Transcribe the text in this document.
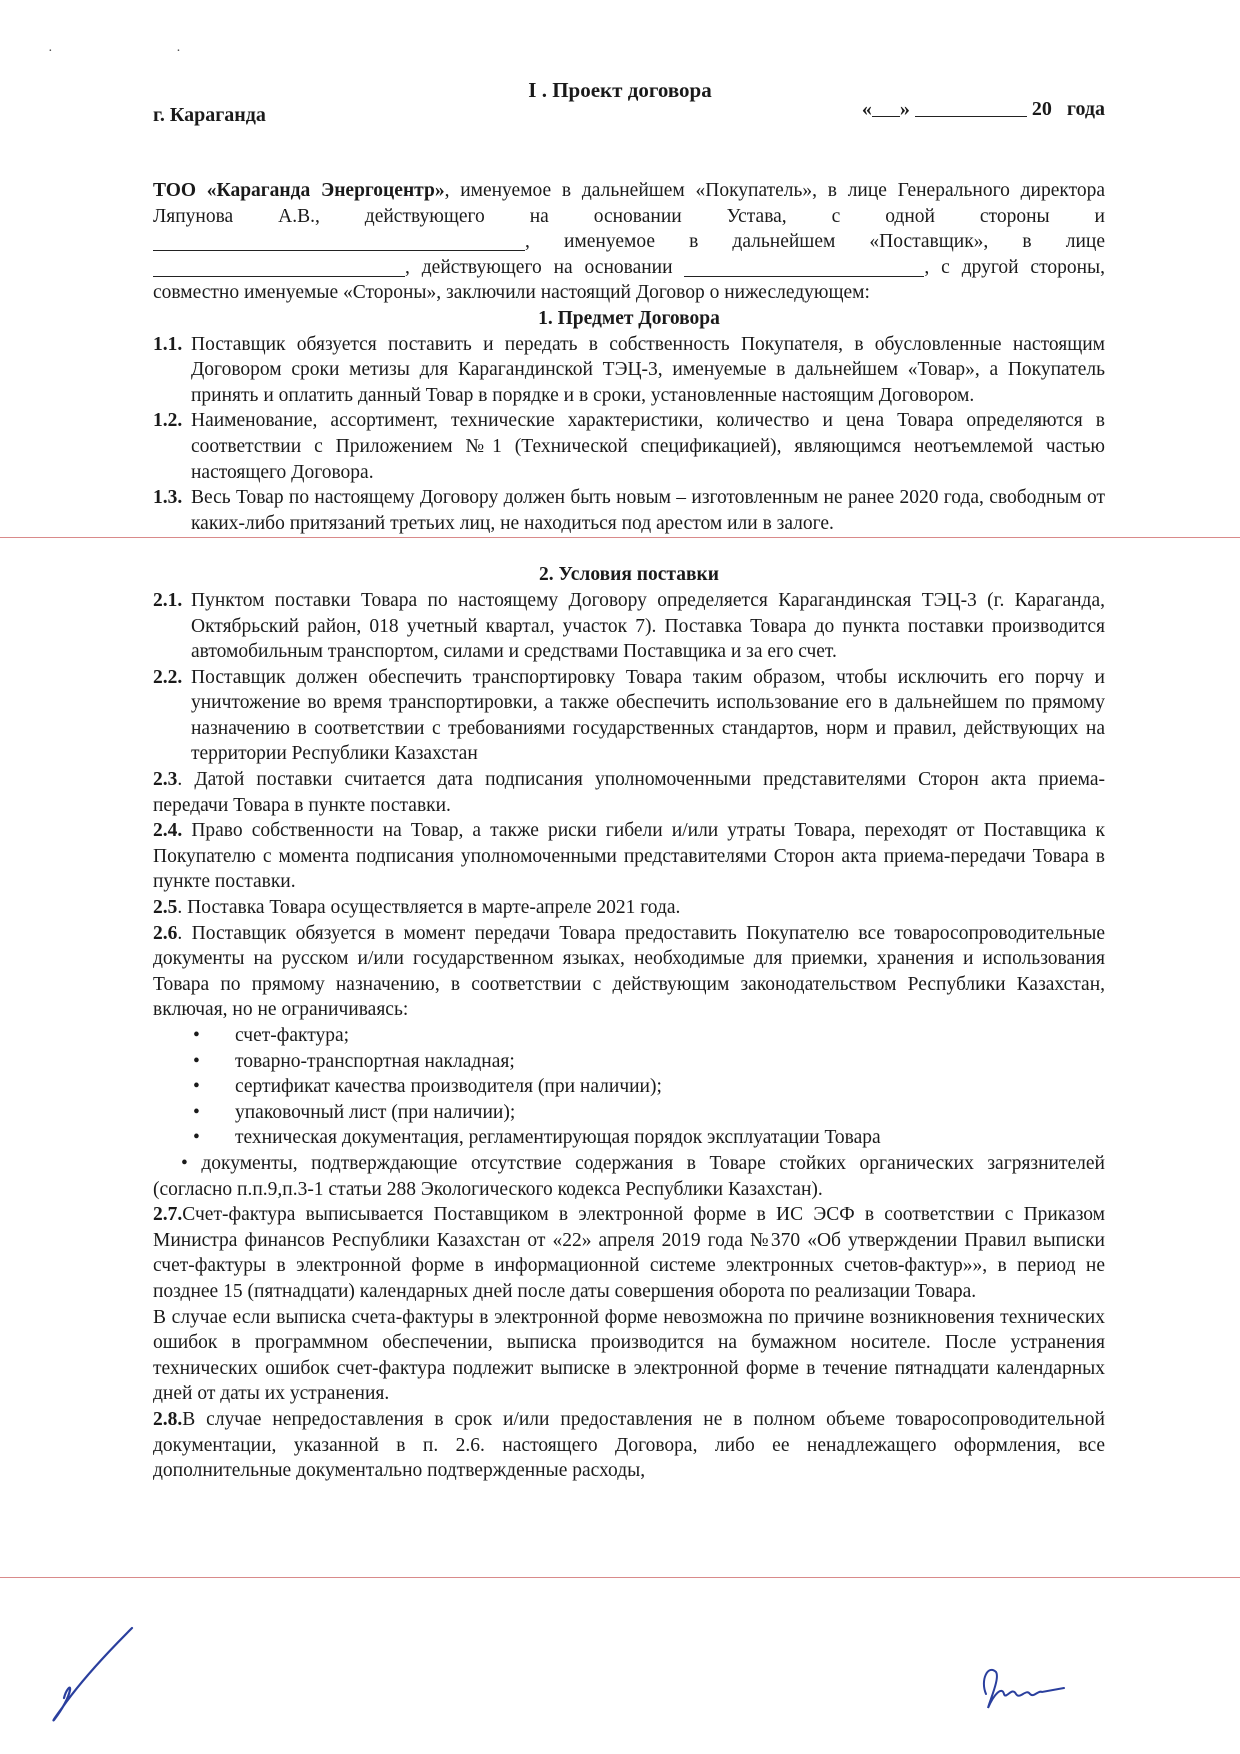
· ·
I . Проект договора
г. Караганда	« »	20   года

ТОО «Караганда Энергоцентр», именуемое в дальнейшем «Покупатель», в лице Генерального директора Ляпунова А.В., действующего на основании Устава, с одной стороны и , именуемое в дальнейшем «Поставщик», в лице , действующего на основании	, с другой стороны, совместно именуемые «Стороны», заключили настоящий Договор о нижеследующем:

1. Предмет Договора

1.1. Поставщик обязуется поставить и передать в собственность Покупателя, в обусловленные настоящим Договором сроки метизы для Карагандинской ТЭЦ-3, именуемые в дальнейшем «Товар», а Покупатель принять и оплатить данный Товар в порядке и в сроки, установленные настоящим Договором.
1.2. Наименование, ассортимент, технические характеристики, количество и цена Товара определяются в соответствии с Приложением №1 (Технической спецификацией), являющимся неотъемлемой частью настоящего Договора.
1.3. Весь Товар по настоящему Договору должен быть новым – изготовленным не ранее 2020 года, свободным от каких-либо притязаний третьих лиц, не находиться под арестом или в залоге.

2. Условия поставки

2.1. Пунктом поставки Товара по настоящему Договору определяется Карагандинская ТЭЦ-3 (г. Караганда, Октябрьский район, 018 учетный квартал, участок 7). Поставка Товара до пункта поставки производится автомобильным транспортом, силами и средствами Поставщика и за его счет.
2.2. Поставщик должен обеспечить транспортировку Товара таким образом, чтобы исключить его порчу и уничтожение во время транспортировки, а также обеспечить использование его в дальнейшем по прямому назначению в соответствии с требованиями государственных стандартов, норм и правил, действующих на территории Республики Казахстан

2.3. Датой поставки считается дата подписания уполномоченными представителями Сторон акта приема-передачи Товара в пункте поставки.

2.4. Право собственности на Товар, а также риски гибели и/или утраты Товара, переходят от Поставщика к Покупателю с момента подписания уполномоченными представителями Сторон акта приема-передачи Товара в пункте поставки.

2.5. Поставка Товара осуществляется в марте-апреле 2021 года.

2.6. Поставщик обязуется в момент передачи Товара предоставить Покупателю все товаросопроводительные документы на русском и/или государственном языках, необходимые для приемки, хранения и использования Товара по прямому назначению, в соответствии с действующим законодательством Республики Казахстан, включая, но не ограничиваясь:

•	счет-фактура;
•	товарно-транспортная накладная;
•	сертификат качества производителя (при наличии);
•	упаковочный лист (при наличии);
•	техническая документация, регламентирующая порядок эксплуатации Товара

• документы, подтверждающие отсутствие содержания в Товаре стойких органических загрязнителей (согласно п.п.9,п.3-1 статьи 288 Экологического кодекса Республики Казахстан).

2.7.Счет-фактура выписывается Поставщиком в электронной форме в ИС ЭСФ в соответствии с Приказом Министра финансов Республики Казахстан от «22» апреля 2019 года №370 «Об утверждении Правил выписки счет-фактуры в электронной форме в информационной системе электронных счетов-фактур»», в период не позднее 15 (пятнадцати) календарных дней после даты совершения оборота по реализации Товара.

В случае если выписка счета-фактуры в электронной форме невозможна по причине возникновения технических ошибок в программном обеспечении, выписка производится на бумажном носителе. После устранения технических ошибок счет-фактура подлежит выписке в электронной форме в течение пятнадцати календарных дней от даты их устранения.

2.8.В случае непредоставления в срок и/или предоставления не в полном объеме товаросопроводительной документации, указанной в п. 2.6. настоящего Договора, либо ее ненадлежащего оформления, все дополнительные документально подтвержденные расходы,
